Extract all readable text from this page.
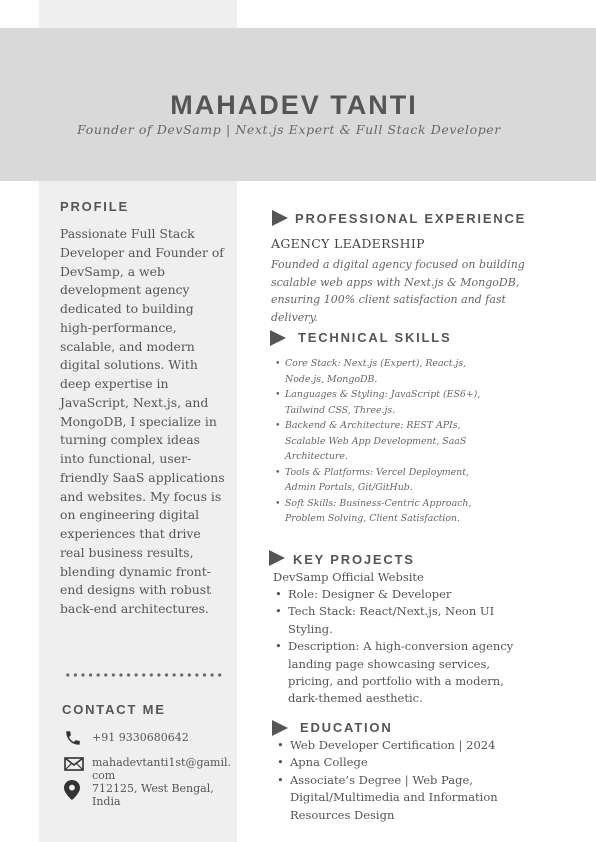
MAHADEV TANTI
Founder of DevSamp | Next.js Expert & Full Stack Developer
PROFILE
Passionate Full Stack Developer and Founder of DevSamp, a web development agency dedicated to building high-performance, scalable, and modern digital solutions. With deep expertise in JavaScript, Next.js, and MongoDB, I specialize in turning complex ideas into functional, user-friendly SaaS applications and websites. My focus is on engineering digital experiences that drive real business results, blending dynamic front-end designs with robust back-end architectures.
CONTACT ME
+91 9330680642
mahadevtanti1st@gamil.com
712125, West Bengal, India
PROFESSIONAL EXPERIENCE
AGENCY LEADERSHIP
Founded a digital agency focused on building scalable web apps with Next.js & MongoDB, ensuring 100% client satisfaction and fast delivery.
TECHNICAL SKILLS
• Core Stack: Next.js (Expert), React.js, Node.js, MongoDB.
• Languages & Styling: JavaScript (ES6+), Tailwind CSS, Three.js.
• Backend & Architecture: REST APIs, Scalable Web App Development, SaaS Architecture.
• Tools & Platforms: Vercel Deployment, Admin Portals, Git/GitHub.
• Soft Skills: Business-Centric Approach, Problem Solving, Client Satisfaction.
KEY PROJECTS
DevSamp Official Website
• Role: Designer & Developer
• Tech Stack: React/Next.js, Neon UI Styling.
• Description: A high-conversion agency landing page showcasing services, pricing, and portfolio with a modern, dark-themed aesthetic.
EDUCATION
• Web Developer Certification | 2024
• Apna College
• Associate’s Degree | Web Page, Digital/Multimedia and Information Resources Design
